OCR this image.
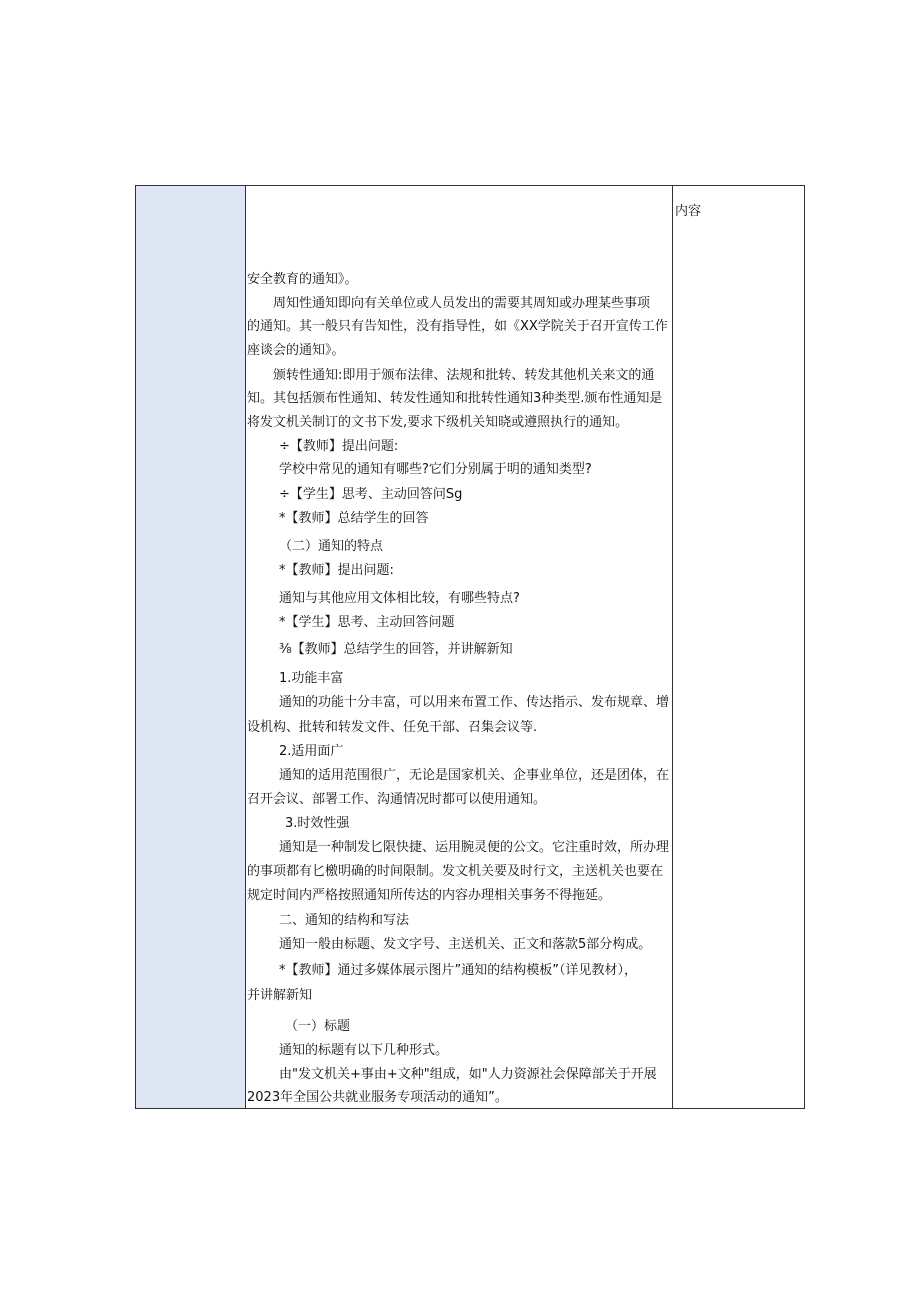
安全教育的通知》。
周知性通知即向有关单位或人员发出的需要其周知或办理某些事项
的通知。其一般只有告知性，没有指导性，如《XX学院关于召开宣传工作
座谈会的通知》。
颁转性通知:即用于颁布法律、法规和批转、转发其他机关来文的通
知。其包括颁布性通知、转发性通知和批转性通知3种类型.颁布性通知是
将发文机关制订的文书下发,要求下级机关知晓或遵照执行的通知。
÷【教师】提出问题:
学校中常见的通知有哪些?它们分别属于明的通知类型?
÷【学生】思考、主动回答问Sg
*【教师】总结学生的回答
（二）通知的特点
*【教师】提出问题:
通知与其他应用文体相比较，有哪些特点?
*【学生】思考、主动回答问题
⅜【教师】总结学生的回答，并讲解新知
1.功能丰富
通知的功能十分丰富，可以用来布置工作、传达指示、发布规章、增
设机构、批转和转发文件、任免干部、召集会议等.
2.适用面广
通知的适用范围很广，无论是国家机关、企事业单位，还是团体，在
召开会议、部署工作、沟通情况时都可以使用通知。
3.时效性强
通知是一种制发匕限快捷、运用腕灵便的公文。它注重时效，所办理
的事项都有匕檄明确的时间限制。发文机关要及时行文，主送机关也要在
规定时间内严格按照通知所传达的内容办理相关事务不得拖延。
二、通知的结构和写法
通知一般由标题、发文字号、主送机关、正文和落款5部分构成。
*【教师】通过多媒体展示图片”通知的结构模板”（详见教材），
并讲解新知
（一）标题
通知的标题有以下几种形式。
由"发文机关+事由+文种"组成，如"人力资源社会保障部关于开展
2023年全国公共就业服务专项活动的通知”。
内容
